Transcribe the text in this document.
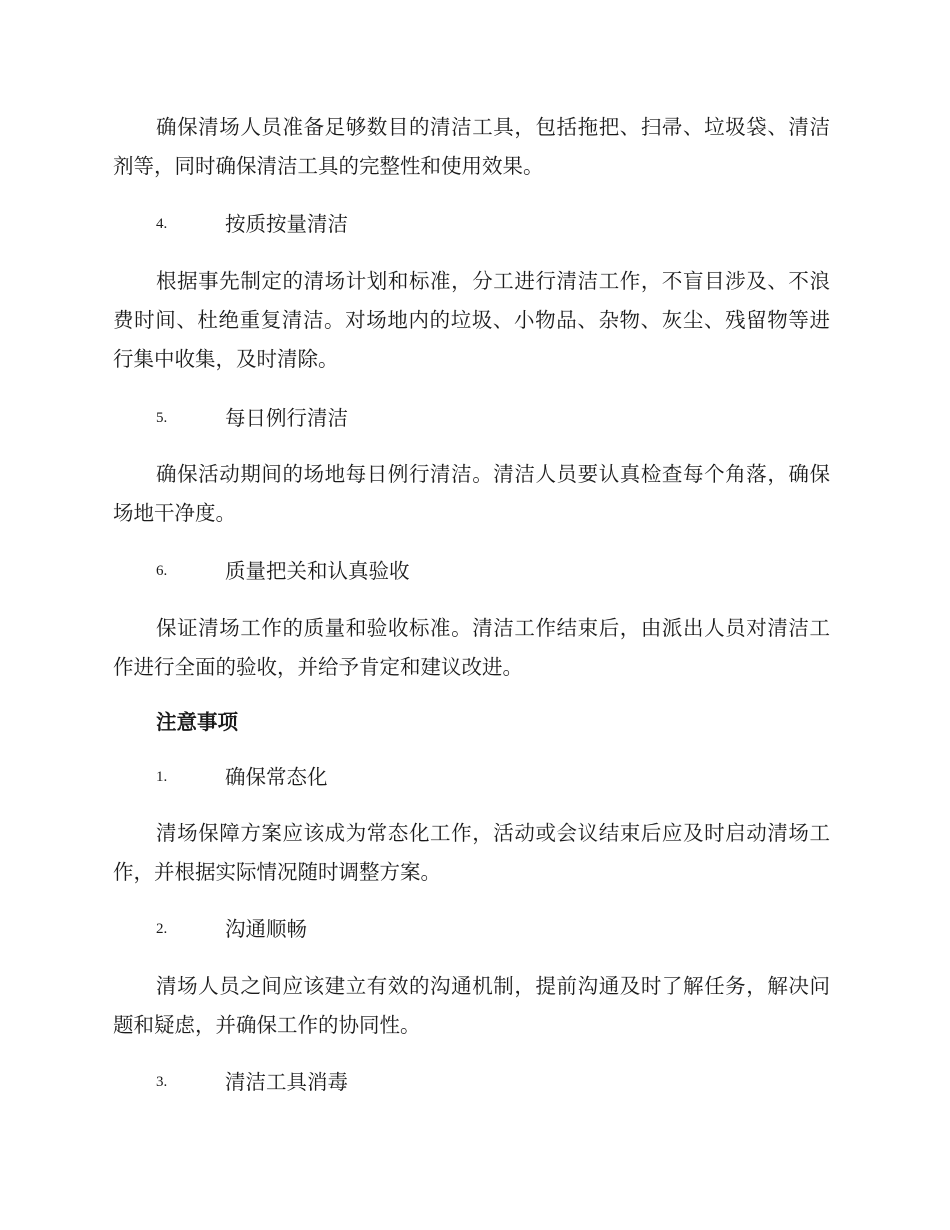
确保清场人员准备足够数目的清洁工具，包括拖把、扫帚、垃圾袋、清洁剂等，同时确保清洁工具的完整性和使用效果。

4.	按质按量清洁

根据事先制定的清场计划和标准，分工进行清洁工作，不盲目涉及、不浪费时间、杜绝重复清洁。对场地内的垃圾、小物品、杂物、灰尘、残留物等进行集中收集，及时清除。

5.	每日例行清洁

确保活动期间的场地每日例行清洁。清洁人员要认真检查每个角落，确保场地干净度。

6.	质量把关和认真验收

保证清场工作的质量和验收标准。清洁工作结束后，由派出人员对清洁工作进行全面的验收，并给予肯定和建议改进。

注意事项
1.	确保常态化

清场保障方案应该成为常态化工作，活动或会议结束后应及时启动清场工作，并根据实际情况随时调整方案。

2.	沟通顺畅

清场人员之间应该建立有效的沟通机制，提前沟通及时了解任务，解决问题和疑虑，并确保工作的协同性。

3.	清洁工具消毒
